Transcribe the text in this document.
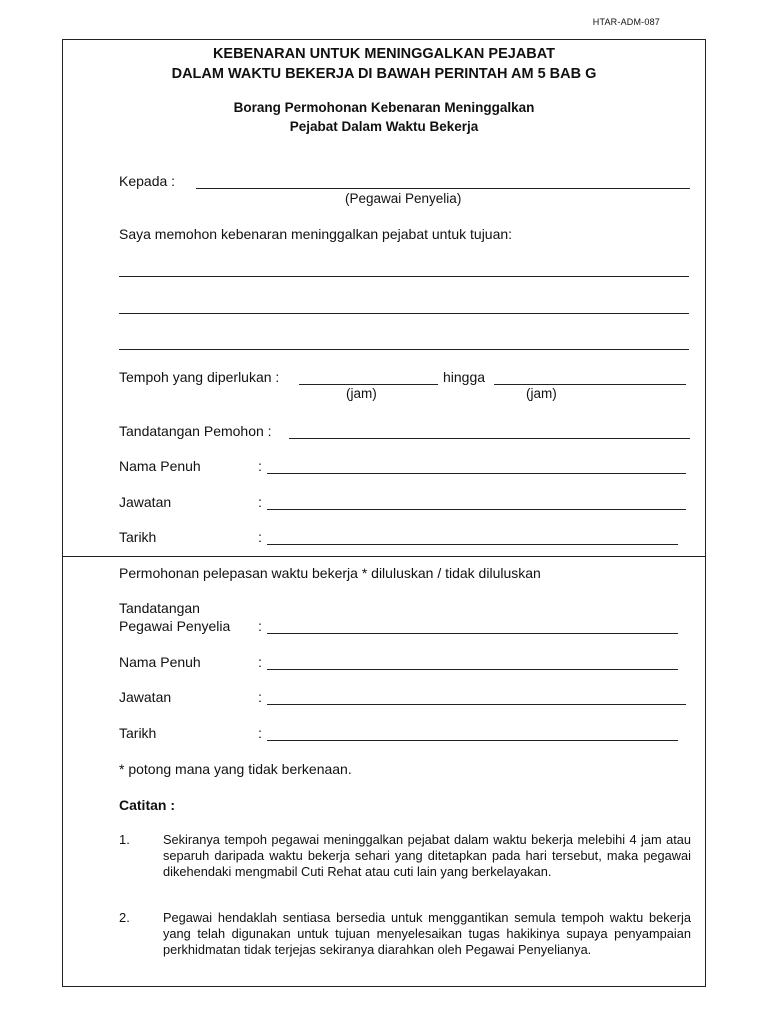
HTAR-ADM-087
KEBENARAN UNTUK MENINGGALKAN PEJABAT
DALAM WAKTU BEKERJA DI BAWAH PERINTAH AM 5 BAB G
Borang Permohonan Kebenaran Meninggalkan
Pejabat Dalam Waktu Bekerja
Kepada :
(Pegawai Penyelia)
Saya memohon kebenaran meninggalkan pejabat untuk tujuan:
Tempoh yang diperlukan :	hingga
(jam)	(jam)
Tandatangan Pemohon :
Nama Penuh	:
Jawatan	:
Tarikh	:
Permohonan pelepasan waktu bekerja * diluluskan / tidak diluluskan
Tandatangan
Pegawai Penyelia :
Nama Penuh	:
Jawatan	:
Tarikh	:
* potong mana yang tidak berkenaan.
Catitan :
1.	Sekiranya tempoh pegawai meninggalkan pejabat dalam waktu bekerja melebihi 4 jam atau separuh daripada waktu bekerja sehari yang ditetapkan pada hari tersebut, maka pegawai dikehendaki mengmabil Cuti Rehat atau cuti lain yang berkelayakan.
2.	Pegawai hendaklah sentiasa bersedia untuk menggantikan semula tempoh waktu bekerja yang telah digunakan untuk tujuan menyelesaikan tugas hakikinya supaya penyampaian perkhidmatan tidak terjejas sekiranya diarahkan oleh Pegawai Penyelianya.
